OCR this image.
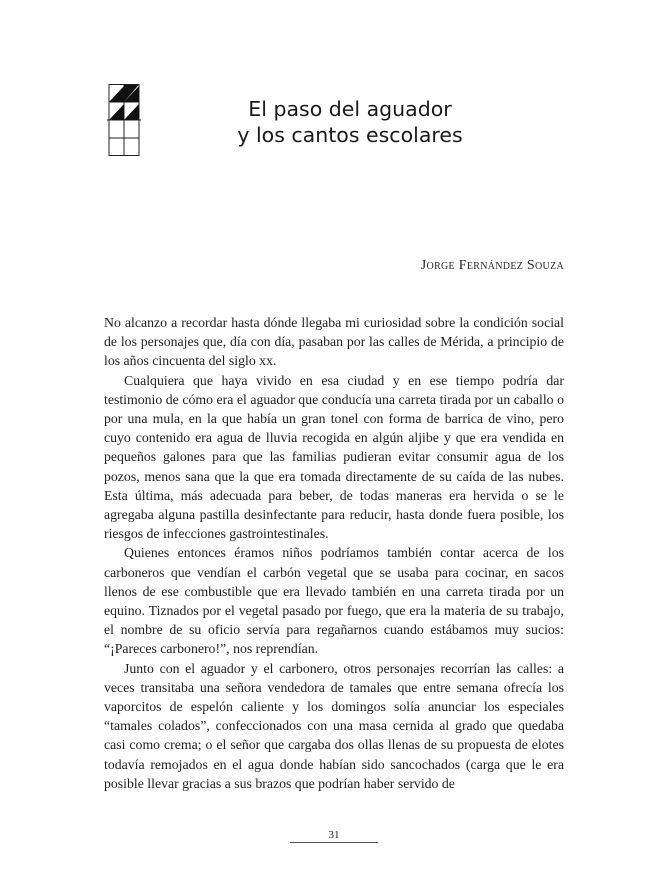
El paso del aguador
y los cantos escolares
Jorge Fernández Souza

No alcanzo a recordar hasta dónde llegaba mi curiosidad sobre la condición social de los personajes que, día con día, pasaban por las calles de Mérida, a principio de los años cincuenta del siglo xx.

Cualquiera que haya vivido en esa ciudad y en ese tiempo podría dar testimonio de cómo era el aguador que conducía una carreta tirada por un caballo o por una mula, en la que había un gran tonel con forma de barrica de vino, pero cuyo contenido era agua de lluvia recogida en algún aljibe y que era vendida en pequeños galones para que las familias pudieran evitar consumir agua de los pozos, menos sana que la que era tomada directamente de su caída de las nubes. Esta última, más adecuada para beber, de todas maneras era hervida o se le agregaba alguna pastilla desinfectante para reducir, hasta donde fuera posible, los riesgos de infecciones gastrointestinales.

Quienes entonces éramos niños podríamos también contar acerca de los carboneros que vendían el carbón vegetal que se usaba para cocinar, en sacos llenos de ese combustible que era llevado también en una carreta tirada por un equino. Tiznados por el vegetal pasado por fuego, que era la materia de su trabajo, el nombre de su oficio servía para regañarnos cuando estábamos muy sucios: “¡Pareces carbonero!”, nos reprendían.

Junto con el aguador y el carbonero, otros personajes recorrían las calles: a veces transitaba una señora vendedora de tamales que entre semana ofrecía los vaporcitos de espelón caliente y los domingos solía anunciar los especiales “tamales colados”, confeccionados con una masa cernida al grado que quedaba casi como crema; o el señor que cargaba dos ollas llenas de su propuesta de elotes todavía remojados en el agua donde habían sido sancochados (carga que le era posible llevar gracias a sus brazos que podrían haber servido de

31
